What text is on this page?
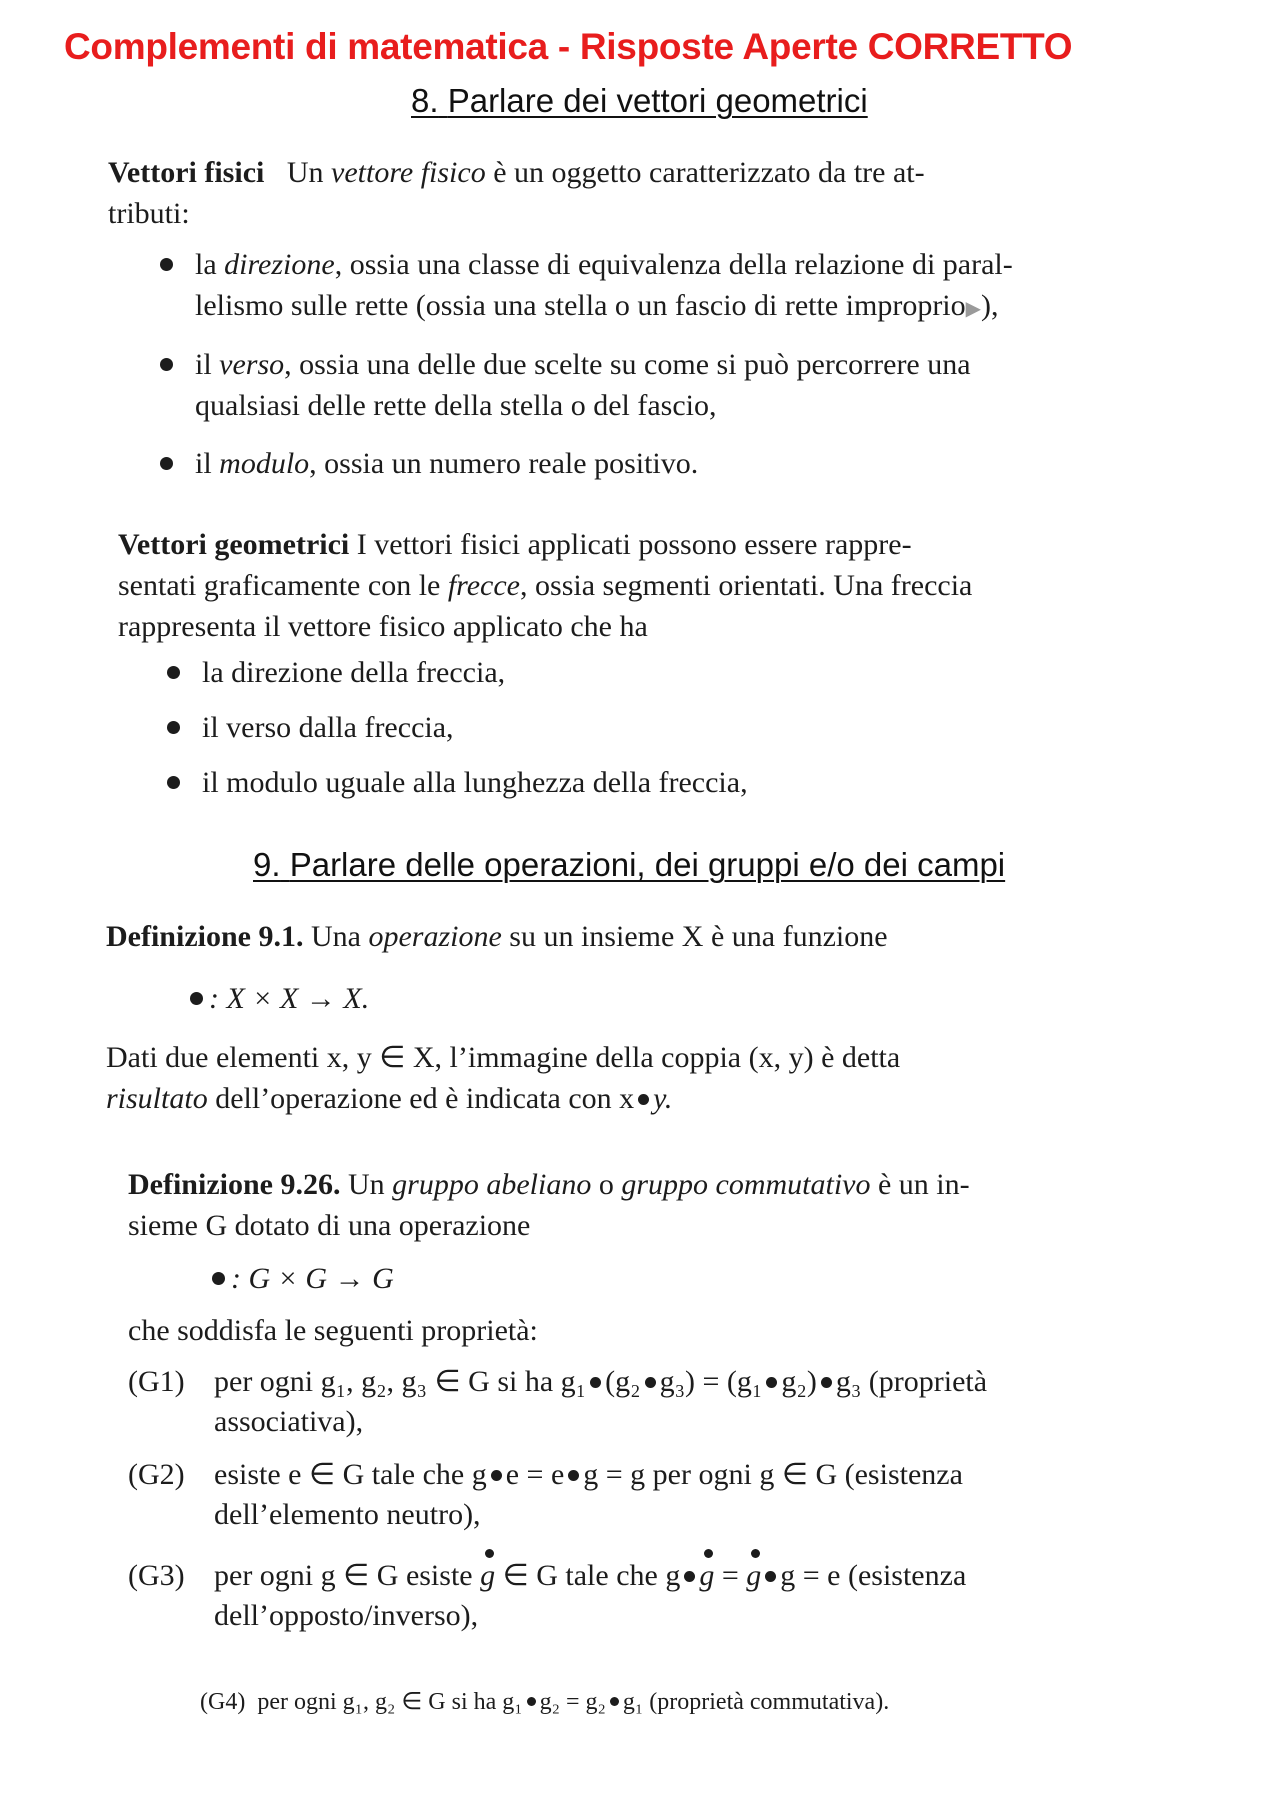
Complementi di matematica - Risposte Aperte CORRETTO
8. Parlare dei vettori geometrici
Vettori fisici Un vettore fisico è un oggetto caratterizzato da tre at-
tributi:
la direzione, ossia una classe di equivalenza della relazione di paral-
lelismo sulle rette (ossia una stella o un fascio di rette improprio▶),
il verso, ossia una delle due scelte su come si può percorrere una
qualsiasi delle rette della stella o del fascio,
il modulo, ossia un numero reale positivo.
Vettori geometrici I vettori fisici applicati possono essere rappre-
sentati graficamente con le frecce, ossia segmenti orientati. Una freccia
rappresenta il vettore fisico applicato che ha
la direzione della freccia,
il verso dalla freccia,
il modulo uguale alla lunghezza della freccia,
9. Parlare delle operazioni, dei gruppi e/o dei campi
Definizione 9.1. Una operazione su un insieme X è una funzione
: X × X → X.
Dati due elementi x, y ∈ X, l’immagine della coppia (x, y) è detta
risultato dell’operazione ed è indicata con x y.
Definizione 9.26. Un gruppo abeliano o gruppo commutativo è un in-
sieme G dotato di una operazione
: G × G → G
che soddisfa le seguenti proprietà:
(G1) per ogni g₁, g₂, g₃ ∈ G si ha g₁ (g₂ g₃) = (g₁ g₂) g₃ (proprietà
associativa),
(G2) esiste e ∈ G tale che g e = e g = g per ogni g ∈ G (esistenza
dell’elemento neutro),
(G3) per ogni g ∈ G esiste g ∈ G tale che g g = g g = e (esistenza
dell’opposto/inverso),
(G4) per ogni g₁, g₂ ∈ G si ha g₁ g₂ = g₂ g₁ (proprietà commutativa).
